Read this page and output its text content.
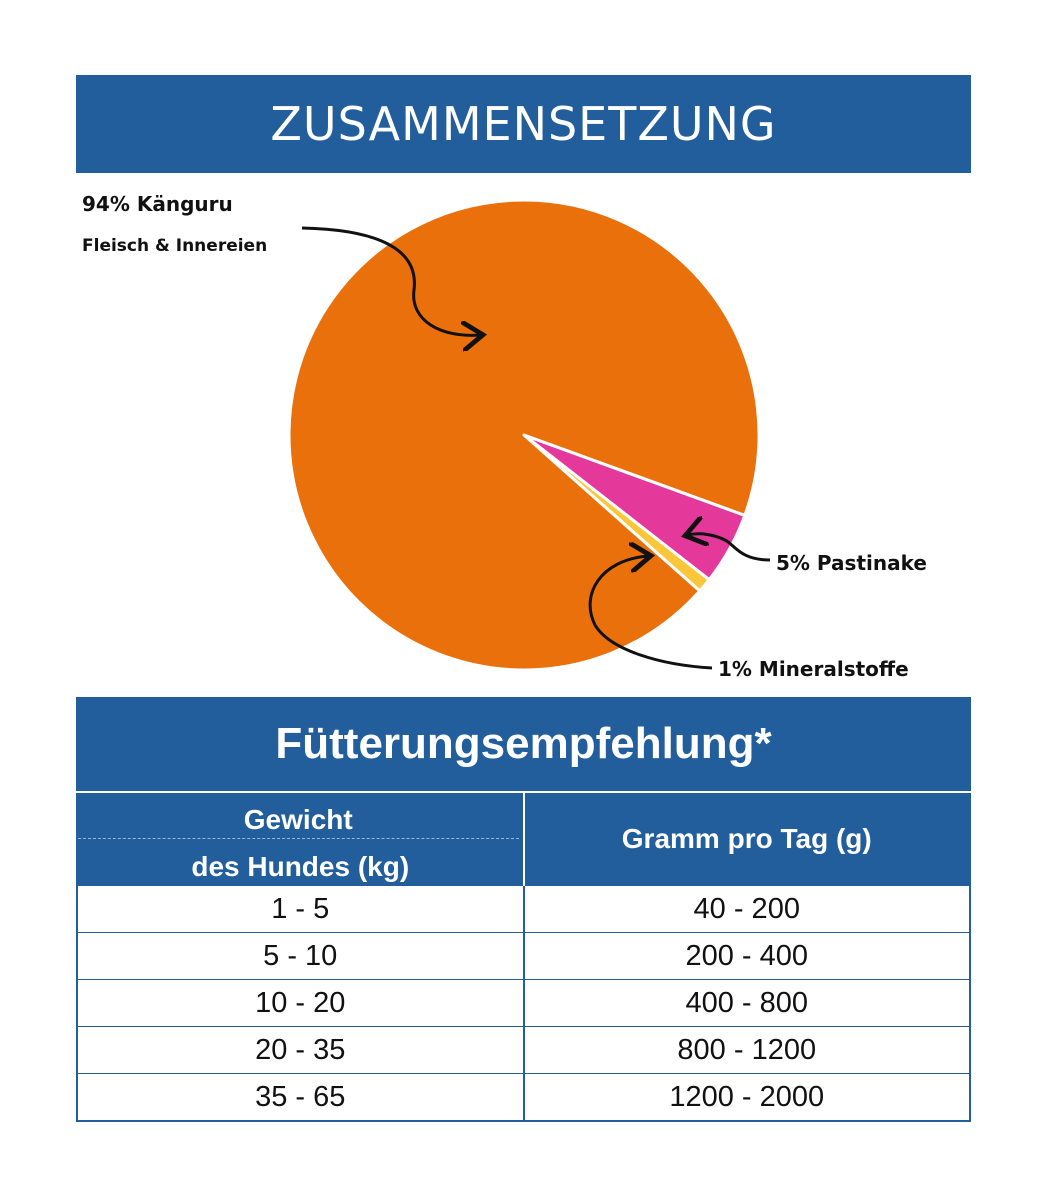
ZUSAMMENSETZUNG
94% Känguru
Fleisch & Innereien
5% Pastinake
1% Mineralstoffe
Fütterungsempfehlung*
Gewicht
des Hundes (kg)	Gramm pro Tag (g)
1 - 5	40 - 200
5 - 10	200 - 400
10 - 20	400 - 800
20 - 35	800 - 1200
35 - 65	1200 - 2000
